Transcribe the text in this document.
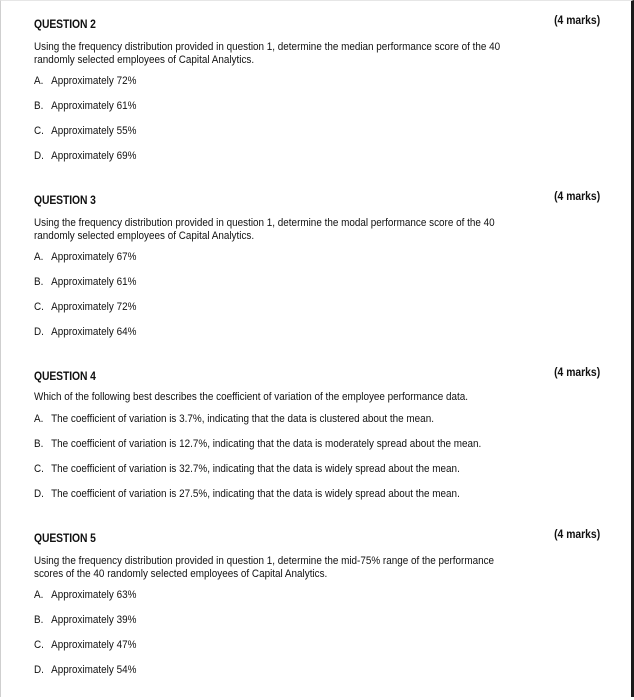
QUESTION 2	(4 marks)
Using the frequency distribution provided in question 1, determine the median performance score of the 40 randomly selected employees of Capital Analytics.
A. Approximately 72%
B. Approximately 61%
C. Approximately 55%
D. Approximately 69%
QUESTION 3	(4 marks)
Using the frequency distribution provided in question 1, determine the modal performance score of the 40 randomly selected employees of Capital Analytics.
A. Approximately 67%
B. Approximately 61%
C. Approximately 72%
D. Approximately 64%
QUESTION 4	(4 marks)
Which of the following best describes the coefficient of variation of the employee performance data.
A. The coefficient of variation is 3.7%, indicating that the data is clustered about the mean.
B. The coefficient of variation is 12.7%, indicating that the data is moderately spread about the mean.
C. The coefficient of variation is 32.7%, indicating that the data is widely spread about the mean.
D. The coefficient of variation is 27.5%, indicating that the data is widely spread about the mean.
QUESTION 5	(4 marks)
Using the frequency distribution provided in question 1, determine the mid-75% range of the performance scores of the 40 randomly selected employees of Capital Analytics.
A. Approximately 63%
B. Approximately 39%
C. Approximately 47%
D. Approximately 54%
